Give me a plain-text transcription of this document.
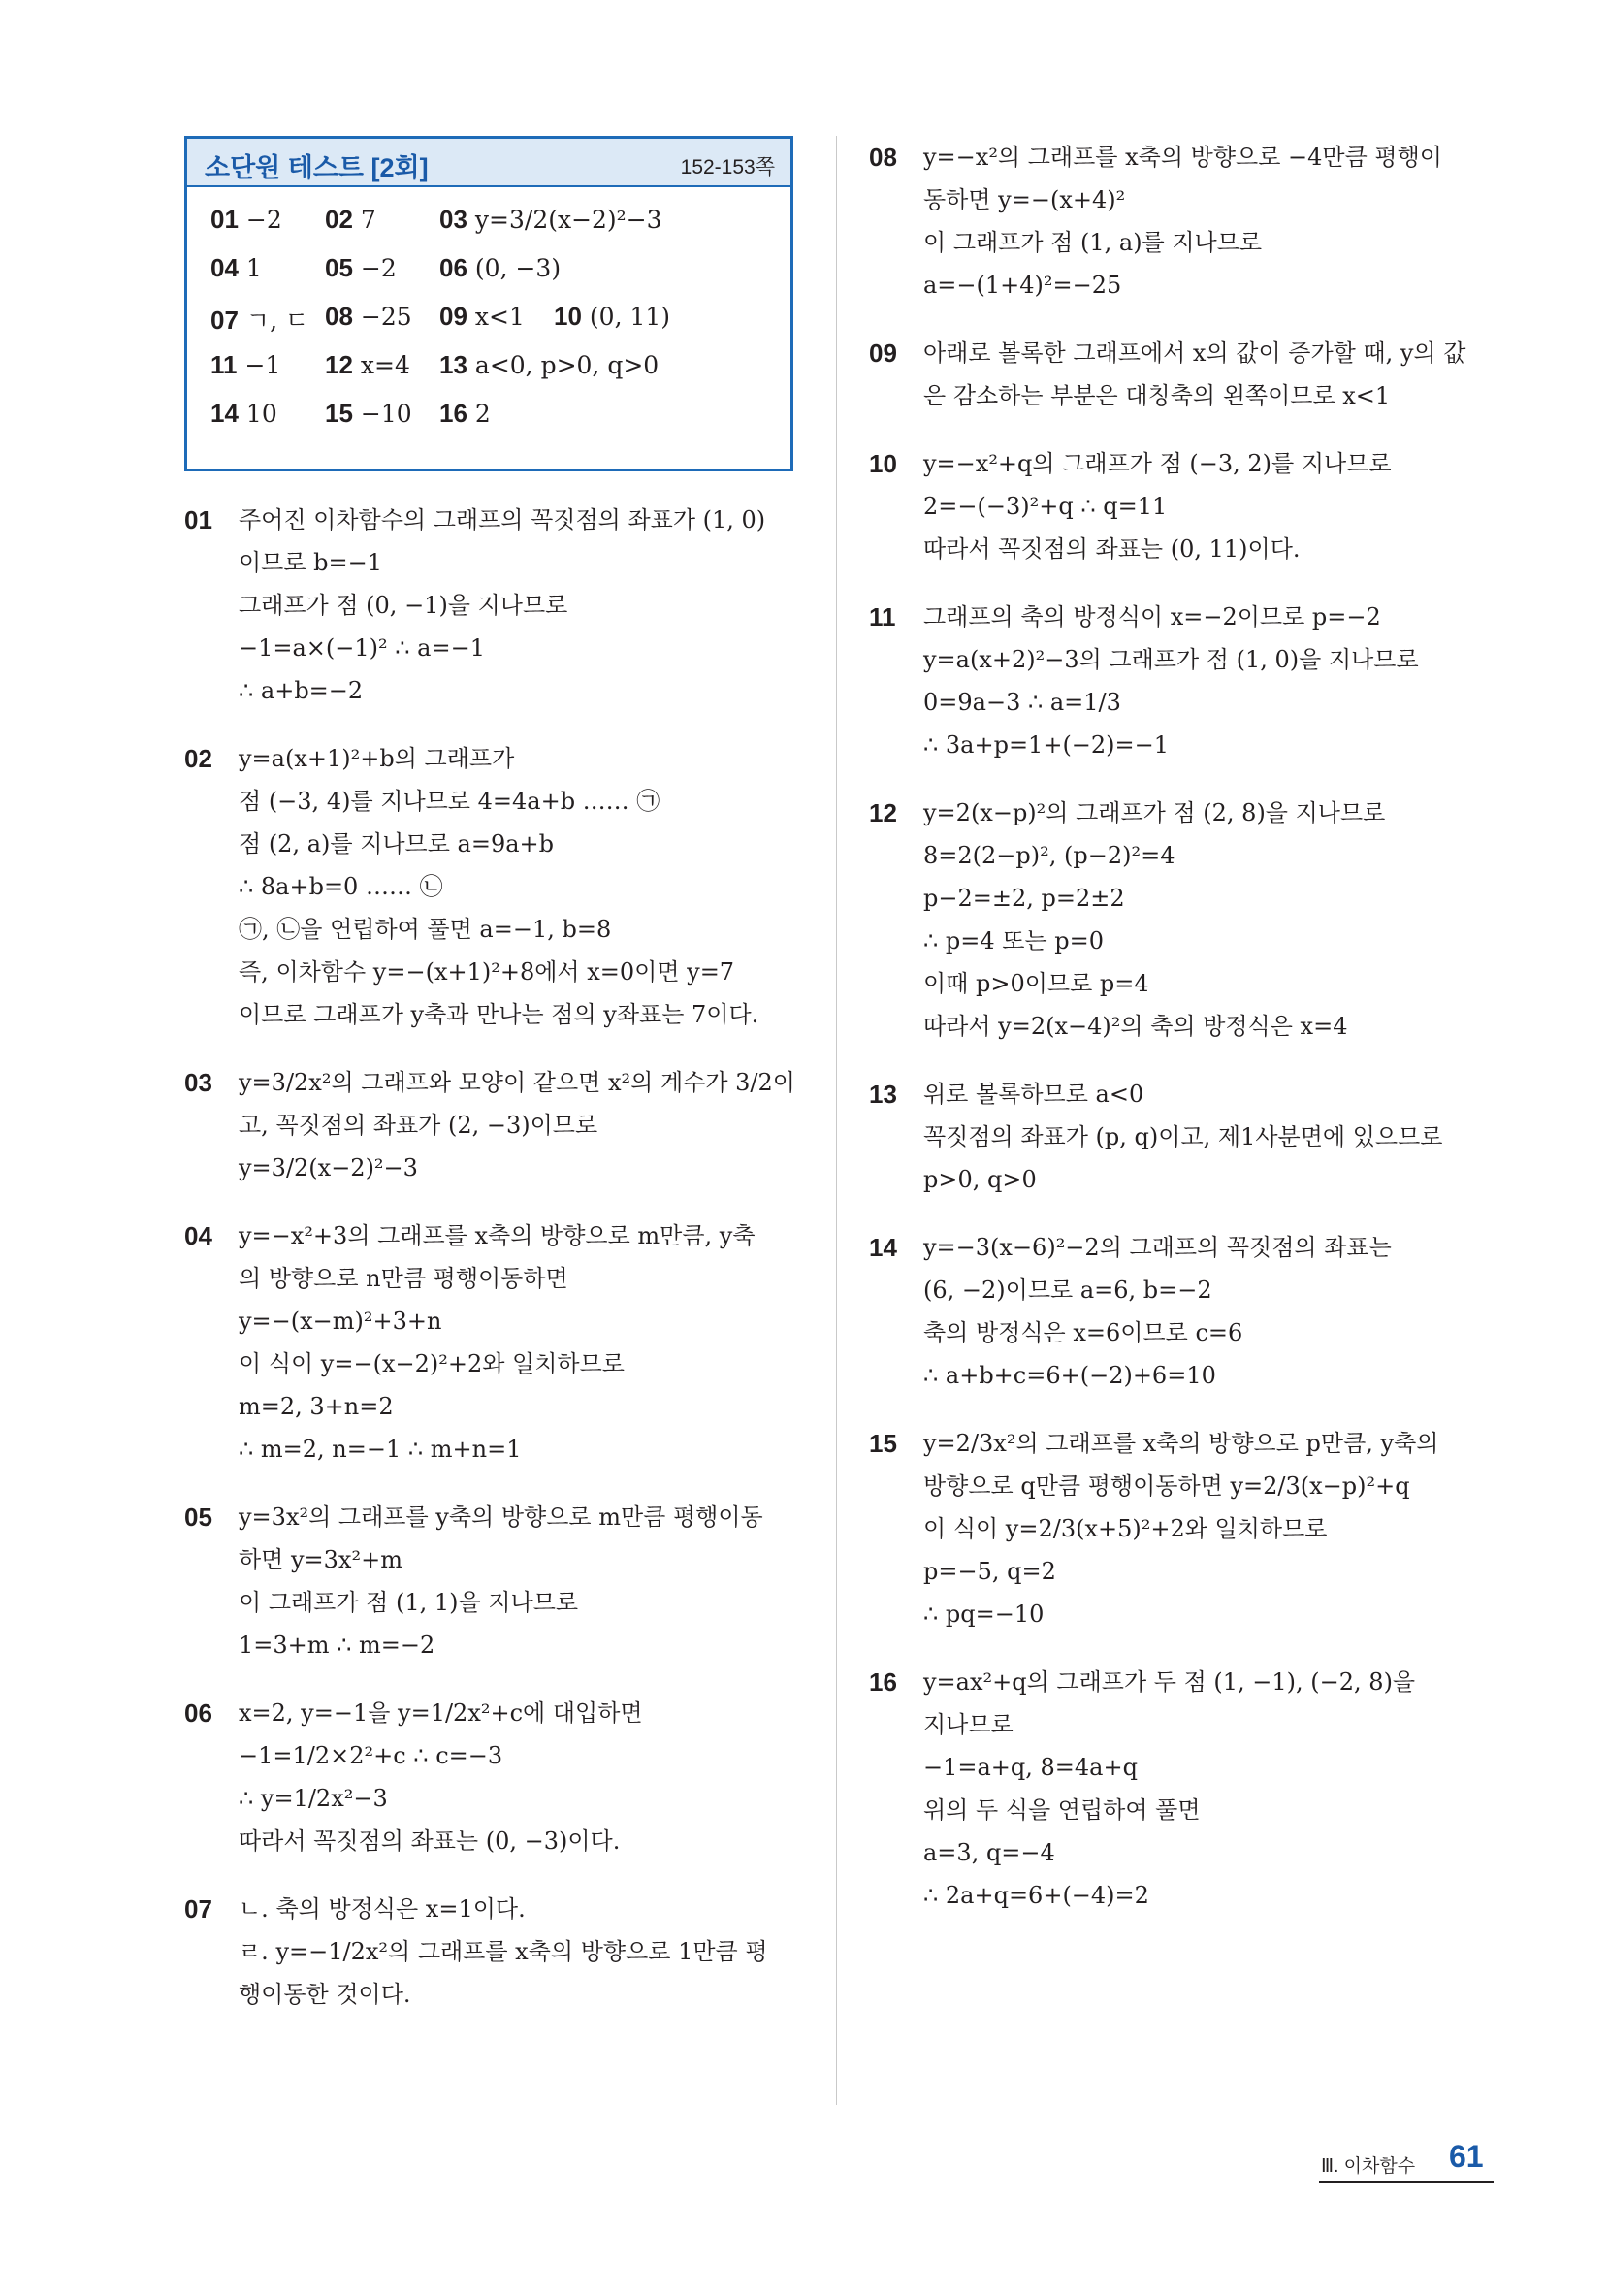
소단원 테스트 [2회]	152-153쪽
01 −2 02 7	03 y=3/2(x−2)²−3
04 1	05 −2 06 (0, −3)
07 ㄱ, ㄷ 08 −25 09 x<1 10 (0, 11)
11 −1 12 x=4 13 a<0, p>0, q>0
14 10 15 −10 16 2
01 주어진 이차함수의 그래프의 꼭짓점의 좌표가 (1, 0)
이므로 b=−1
그래프가 점 (0, −1)을 지나므로
−1=a×(−1)² ∴ a=−1
∴ a+b=−2
02 y=a(x+1)²+b의 그래프가
점 (−3, 4)를 지나므로 4=4a+b …… ㉠
점 (2, a)를 지나므로 a=9a+b
∴ 8a+b=0 …… ㉡
㉠, ㉡을 연립하여 풀면 a=−1, b=8
즉, 이차함수 y=−(x+1)²+8에서 x=0이면 y=7
이므로 그래프가 y축과 만나는 점의 y좌표는 7이다.
03 y=3/2x²의 그래프와 모양이 같으면 x²의 계수가 3/2이
고, 꼭짓점의 좌표가 (2, −3)이므로
y=3/2(x−2)²−3
04 y=−x²+3의 그래프를 x축의 방향으로 m만큼, y축
의 방향으로 n만큼 평행이동하면
y=−(x−m)²+3+n
이 식이 y=−(x−2)²+2와 일치하므로
m=2, 3+n=2
∴ m=2, n=−1 ∴ m+n=1
05 y=3x²의 그래프를 y축의 방향으로 m만큼 평행이동
하면 y=3x²+m
이 그래프가 점 (1, 1)을 지나므로
1=3+m ∴ m=−2
06 x=2, y=−1을 y=1/2x²+c에 대입하면
−1=1/2×2²+c ∴ c=−3
∴ y=1/2x²−3
따라서 꼭짓점의 좌표는 (0, −3)이다.
07 ㄴ. 축의 방정식은 x=1이다.
ㄹ. y=−1/2x²의 그래프를 x축의 방향으로 1만큼 평
행이동한 것이다.
08 y=−x²의 그래프를 x축의 방향으로 −4만큼 평행이
동하면 y=−(x+4)²
이 그래프가 점 (1, a)를 지나므로
a=−(1+4)²=−25
09 아래로 볼록한 그래프에서 x의 값이 증가할 때, y의 값
은 감소하는 부분은 대칭축의 왼쪽이므로 x<1
10 y=−x²+q의 그래프가 점 (−3, 2)를 지나므로
2=−(−3)²+q ∴ q=11
따라서 꼭짓점의 좌표는 (0, 11)이다.
11 그래프의 축의 방정식이 x=−2이므로 p=−2
y=a(x+2)²−3의 그래프가 점 (1, 0)을 지나므로
0=9a−3 ∴ a=1/3
∴ 3a+p=1+(−2)=−1
12 y=2(x−p)²의 그래프가 점 (2, 8)을 지나므로
8=2(2−p)², (p−2)²=4
p−2=±2, p=2±2
∴ p=4 또는 p=0
이때 p>0이므로 p=4
따라서 y=2(x−4)²의 축의 방정식은 x=4
13 위로 볼록하므로 a<0
꼭짓점의 좌표가 (p, q)이고, 제1사분면에 있으므로
p>0, q>0
14 y=−3(x−6)²−2의 그래프의 꼭짓점의 좌표는
(6, −2)이므로 a=6, b=−2
축의 방정식은 x=6이므로 c=6
∴ a+b+c=6+(−2)+6=10
15 y=2/3x²의 그래프를 x축의 방향으로 p만큼, y축의
방향으로 q만큼 평행이동하면 y=2/3(x−p)²+q
이 식이 y=2/3(x+5)²+2와 일치하므로
p=−5, q=2
∴ pq=−10
16 y=ax²+q의 그래프가 두 점 (1, −1), (−2, 8)을
지나므로
−1=a+q, 8=4a+q
위의 두 식을 연립하여 풀면
a=3, q=−4
∴ 2a+q=6+(−4)=2
Ⅲ. 이차함수 61
